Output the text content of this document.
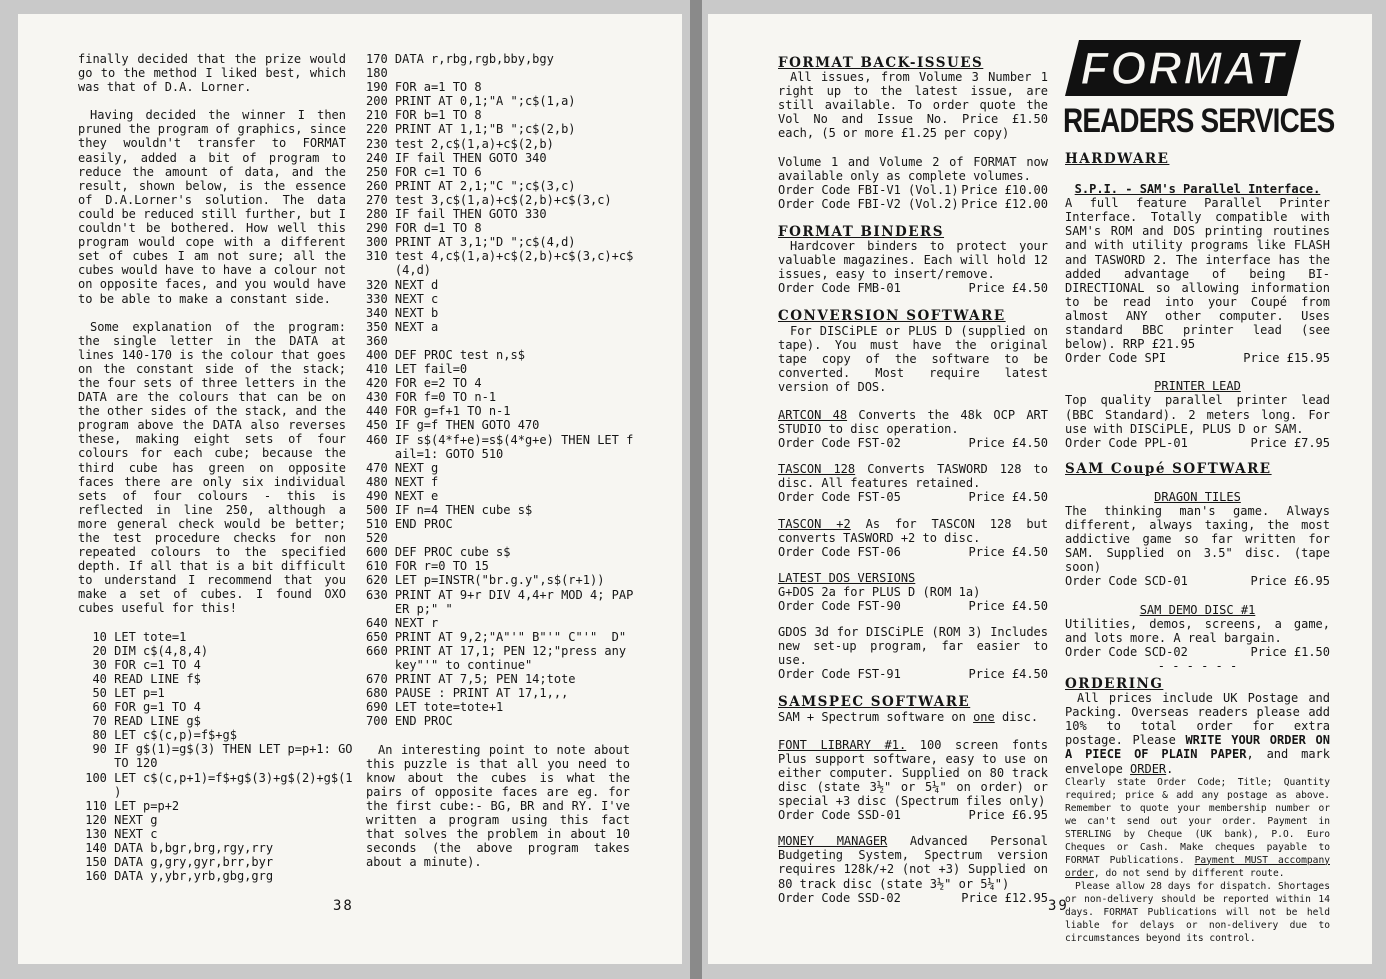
finally decided that the prize would go to the method I liked best, which was that of D.A. Lorner.

Having decided the winner I then pruned the program of graphics, since they wouldn't transfer to FORMAT easily, added a bit of program to reduce the amount of data, and the result, shown below, is the essence of D.A.Lorner's solution. The data could be reduced still further, but I couldn't be bothered. How well this program would cope with a different set of cubes I am not sure; all the cubes would have to have a colour not on opposite faces, and you would have to be able to make a constant side.

Some explanation of the program: the single letter in the DATA at lines 140-170 is the colour that goes on the constant side of the stack; the four sets of three letters in the DATA are the colours that can be on the other sides of the stack, and the program above the DATA also reverses these, making eight sets of four colours for each cube; because the third cube has green on opposite faces there are only six individual sets of four colours - this is reflected in line 250, although a more general check would be better; the test procedure checks for non repeated colours to the specified depth. If all that is a bit difficult to understand I recommend that you make a set of cubes. I found OXO cubes useful for this!

10 LET tote=1
20 DIM c$(4,8,4)
30 FOR c=1 TO 4
40 READ LINE f$
50 LET p=1
60 FOR g=1 TO 4
70 READ LINE g$
80 LET c$(c,p)=f$+g$
90 IF g$(1)=g$(3) THEN LET p=p+1: GO
TO 120
100 LET c$(c,p+1)=f$+g$(3)+g$(2)+g$(1
)
110 LET p=p+2
120 NEXT g
130 NEXT c
140 DATA b,bgr,brg,rgy,rry
150 DATA g,gry,gyr,brr,byr
160 DATA y,ybr,yrb,gbg,grg
170 DATA r,rbg,rgb,bby,bgy
180
190 FOR a=1 TO 8
200 PRINT AT 0,1;"A ";c$(1,a)
210 FOR b=1 TO 8
220 PRINT AT 1,1;"B ";c$(2,b)
230 test 2,c$(1,a)+c$(2,b)
240 IF fail THEN GOTO 340
250 FOR c=1 TO 6
260 PRINT AT 2,1;"C ";c$(3,c)
270 test 3,c$(1,a)+c$(2,b)+c$(3,c)
280 IF fail THEN GOTO 330
290 FOR d=1 TO 8
300 PRINT AT 3,1;"D ";c$(4,d)
310 test 4,c$(1,a)+c$(2,b)+c$(3,c)+c$
(4,d)
320 NEXT d
330 NEXT c
340 NEXT b
350 NEXT a
360
400 DEF PROC test n,s$
410 LET fail=0
420 FOR e=2 TO 4
430 FOR f=0 TO n-1
440 FOR g=f+1 TO n-1
450 IF g=f THEN GOTO 470
460 IF s$(4*f+e)=s$(4*g+e) THEN LET f
ail=1: GOTO 510
470 NEXT g
480 NEXT f
490 NEXT e
500 IF n=4 THEN cube s$
510 END PROC
520
600 DEF PROC cube s$
610 FOR r=0 TO 15
620 LET p=INSTR("br.g.y",s$(r+1))
630 PRINT AT 9+r DIV 4,4+r MOD 4; PAP
ER p;" "
640 NEXT r
650 PRINT AT 9,2;"A"'" B"'" C"'"  D"
660 PRINT AT 17,1; PEN 12;"press any
key"'" to continue"
670 PRINT AT 7,5; PEN 14;tote
680 PAUSE : PRINT AT 17,1,,,
690 LET tote=tote+1
700 END PROC

An interesting point to note about this puzzle is that all you need to know about the cubes is what the pairs of opposite faces are eg. for the first cube:- BG, BR and RY. I've written a program using this fact that solves the problem in about 10 seconds (the above program takes about a minute).

38
FORMAT
READERS SERVICES
FORMAT BACK-ISSUES

All issues, from Volume 3 Number 1 right up to the latest issue, are still available. To order quote the Vol No and Issue No. Price £1.50 each, (5 or more £1.25 per copy)

Volume 1 and Volume 2 of FORMAT now available only as complete volumes.

Order Code FBI-V1 (Vol.1) Price £10.00
Order Code FBI-V2 (Vol.2) Price £12.00
FORMAT BINDERS

Hardcover binders to protect your valuable magazines. Each will hold 12 issues, easy to insert/remove.

Order Code FMB-01	Price £4.50
CONVERSION SOFTWARE

For DISCiPLE or PLUS D (supplied on tape). You must have the original tape copy of the software to be converted. Most require latest version of DOS.

ARTCON 48 Converts the 48k OCP ART STUDIO to disc operation.

Order Code FST-02	Price £4.50

TASCON 128 Converts TASWORD 128 to disc. All features retained.

Order Code FST-05	Price £4.50

TASCON +2 As for TASCON 128 but converts TASWORD +2 to disc.

Order Code FST-06	Price £4.50

LATEST DOS VERSIONS
G+DOS 2a for PLUS D (ROM 1a)

Order Code FST-90	Price £4.50

GDOS 3d for DISCiPLE (ROM 3) Includes new set-up program, far easier to use.

Order Code FST-91	Price £4.50
SAMSPEC SOFTWARE

SAM + Spectrum software on one disc.

FONT LIBRARY #1. 100 screen fonts Plus support software, easy to use on either computer. Supplied on 80 track disc (state 3½" or 5¼" on order) or special +3 disc (Spectrum files only)

Order Code SSD-01	Price £6.95

MONEY MANAGER Advanced Personal Budgeting System, Spectrum version requires 128k/+2 (not +3) Supplied on 80 track disc (state 3½" or 5¼")

Order Code SSD-02	Price £12.95
HARDWARE
S.P.I. - SAM's Parallel Interface.

A full feature Parallel Printer Interface. Totally compatible with SAM's ROM and DOS printing routines and with utility programs like FLASH and TASWORD 2. The interface has the added advantage of being BI-DIRECTIONAL so allowing information to be read into your Coupé from almost ANY other computer. Uses standard BBC printer lead (see below). RRP £21.95

Order Code SPI	Price £15.95
PRINTER LEAD

Top quality parallel printer lead (BBC Standard). 2 meters long. For use with DISCiPLE, PLUS D or SAM.

Order Code PPL-01	Price £7.95
SAM Coupé SOFTWARE
DRAGON TILES

The thinking man's game. Always different, always taxing, the most addictive game so far written for SAM. Supplied on 3.5" disc. (tape soon)

Order Code SCD-01	Price £6.95
SAM DEMO DISC #1

Utilities, demos, screens, a game, and lots more. A real bargain.

Order Code SCD-02	Price £1.50
- - - - - -
ORDERING

All prices include UK Postage and Packing. Overseas readers please add 10% to total order for extra postage. Please WRITE YOUR ORDER ON A PIECE OF PLAIN PAPER, and mark envelope ORDER.

Clearly state Order Code; Title; Quantity required; price & add any postage as above. Remember to quote your membership number or we can't send out your order. Payment in STERLING by Cheque (UK bank), P.O. Euro Cheques or Cash. Make cheques payable to FORMAT Publications. Payment MUST accompany order, do not send by different route.

Please allow 28 days for dispatch. Shortages or non-delivery should be reported within 14 days. FORMAT Publications will not be held liable for delays or non-delivery due to circumstances beyond its control.

39
